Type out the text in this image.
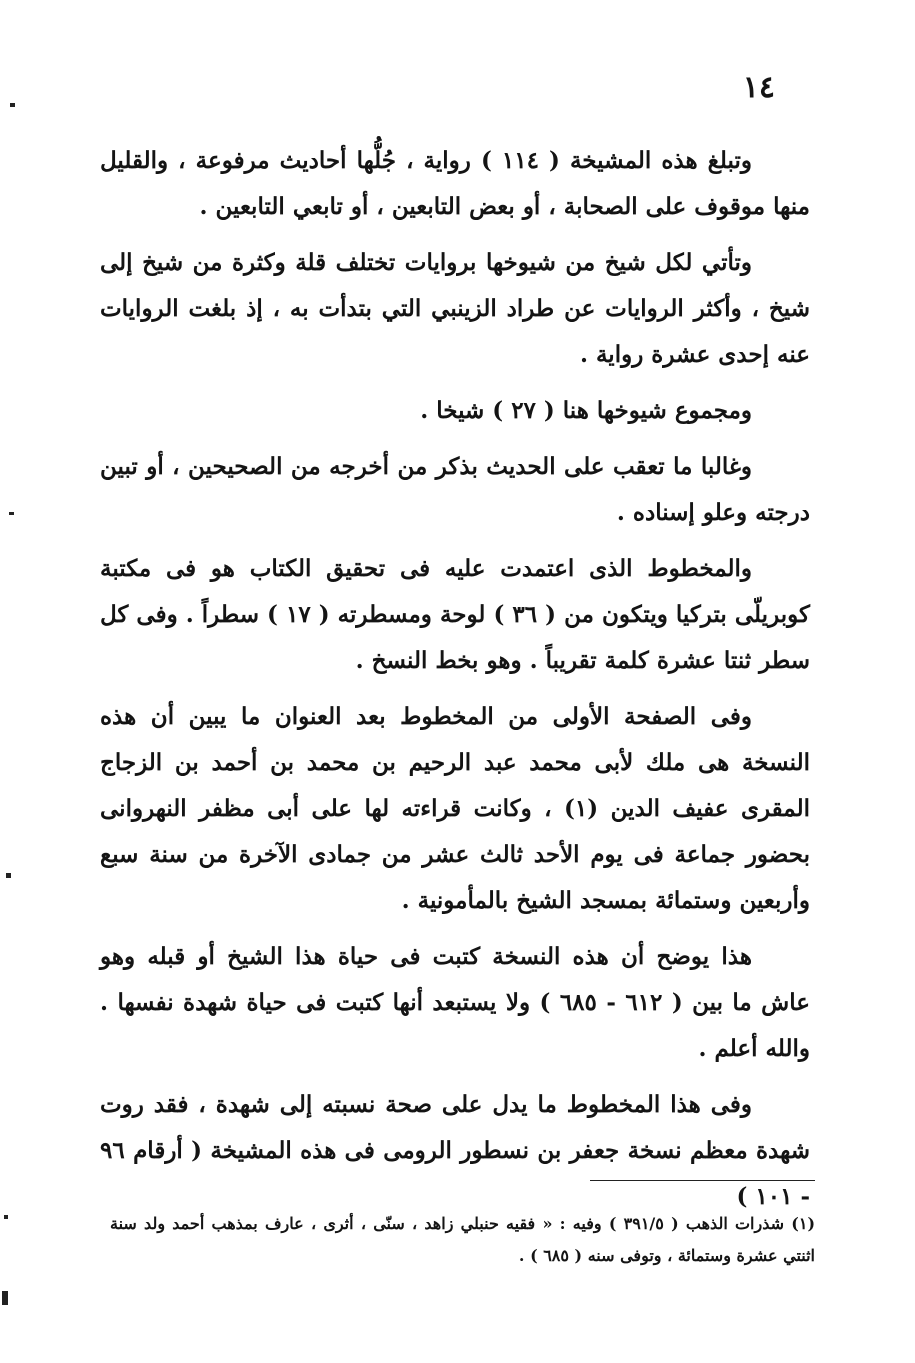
١٤

وتبلغ هذه المشيخة ( ١١٤ ) رواية ، جُلُّها أحاديث مرفوعة ، والقليل منها موقوف على الصحابة ، أو بعض التابعين ، أو تابعي التابعين .

وتأتي لكل شيخ من شيوخها بروايات تختلف قلة وكثرة من شيخ إلى شيخ ، وأكثر الروايات عن طراد الزينبي التي بتدأت به ، إذ بلغت الروايات عنه إحدى عشرة رواية .

ومجموع شيوخها هنا ( ٢٧ ) شيخا .

وغالبا ما تعقب على الحديث بذكر من أخرجه من الصحيحين ، أو تبين درجته وعلو إسناده .

والمخطوط الذى اعتمدت عليه فى تحقيق الكتاب هو فى مكتبة كوبريلّى بتركيا ويتكون من ( ٣٦ ) لوحة ومسطرته ( ١٧ ) سطراً . وفى كل سطر ثنتا عشرة كلمة تقريباً . وهو بخط النسخ .

وفى الصفحة الأولى من المخطوط بعد العنوان ما يبين أن هذه النسخة هى ملك لأبى محمد عبد الرحيم بن محمد بن أحمد بن الزجاج المقرى عفيف الدين (١) ، وكانت قراءته لها على أبى مظفر النهروانى بحضور جماعة فى يوم الأحد ثالث عشر من جمادى الآخرة من سنة سبع وأربعين وستمائة بمسجد الشيخ بالمأمونية .

هذا يوضح أن هذه النسخة كتبت فى حياة هذا الشيخ أو قبله وهو عاش ما بين ( ٦١٢ - ٦٨٥ ) ولا يستبعد أنها كتبت فى حياة شهدة نفسها . والله أعلم .

وفى هذا المخطوط ما يدل على صحة نسبته إلى شهدة ، فقد روت شهدة معظم نسخة جعفر بن نسطور الرومى فى هذه المشيخة ( أرقام ٩٦ - ١٠١ )

(١) شذرات الذهب ( ٣٩١/٥ ) وفيه : « فقيه حنبلي زاهد ، سنّى ، أثرى ، عارف بمذهب أحمد ولد سنة اثنتي عشرة وستمائة ، وتوفى سنه ( ٦٨٥ ) .
